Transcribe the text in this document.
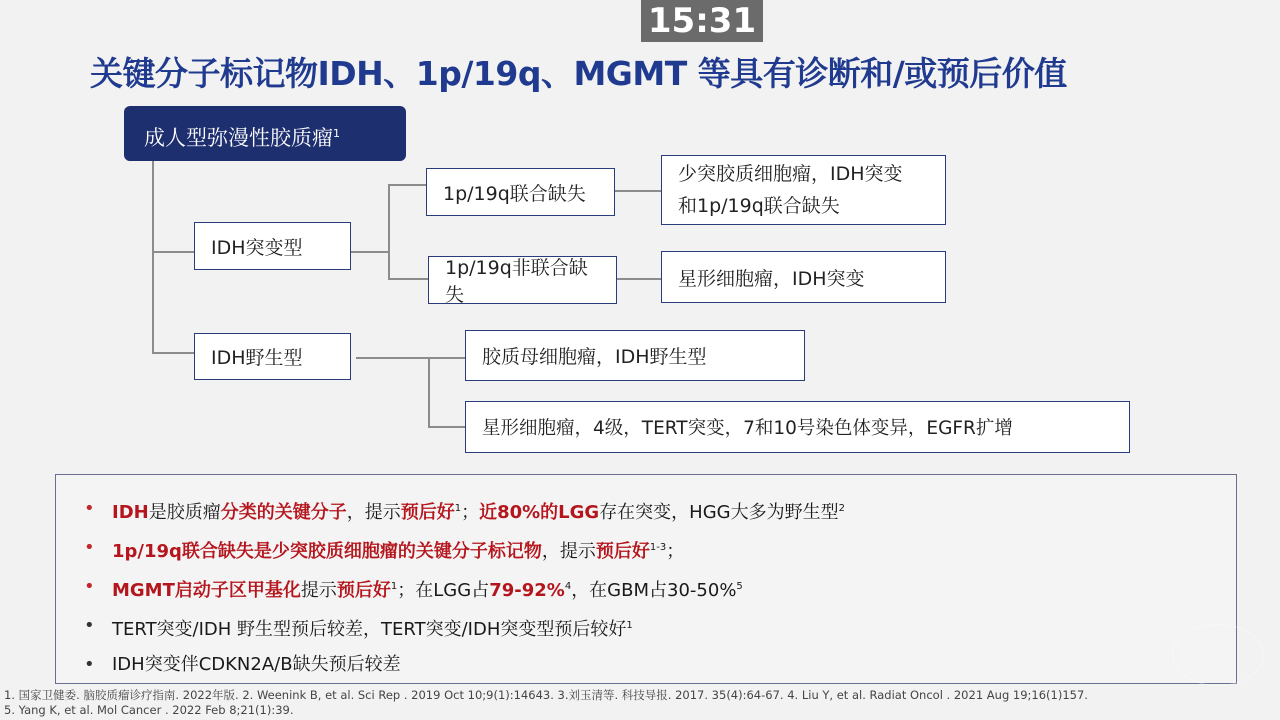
15:31
关键分子标记物IDH、1p/19q、MGMT 等具有诊断和/或预后价值
成人型弥漫性胶质瘤$^1$
IDH突变型
IDH野生型
1p/19q联合缺失
1p/19q非联合缺失
少突胶质细胞瘤，IDH突变和1p/19q联合缺失
星形细胞瘤，IDH突变
胶质母细胞瘤，IDH野生型
星形细胞瘤，4级，TERT突变，7和10号染色体变异，EGFR扩增
• IDH是胶质瘤分类的关键分子，提示预后好$^1$；近80%的LGG存在突变，HGG大多为野生型$^2$
• 1p/19q联合缺失是少突胶质细胞瘤的关键分子标记物，提示预后好$^{1-3}$；
• MGMT启动子区甲基化提示预后好$^1$；在LGG占79-92%$^4$，在GBM占30-50%$^5$
• TERT突变/IDH 野生型预后较差，TERT突变/IDH突变型预后较好$^1$
• IDH突变伴CDKN2A/B缺失预后较差
1. 国家卫健委. 脑胶质瘤诊疗指南. 2022年版. 2. Weenink B, et al. Sci Rep . 2019 Oct 10;9(1):14643. 3.刘玉清等. 科技导报. 2017. 35(4):64-67. 4. Liu Y, et al. Radiat Oncol . 2021 Aug 19;16(1)157.
5. Yang K, et al. Mol Cancer . 2022 Feb 8;21(1):39.
